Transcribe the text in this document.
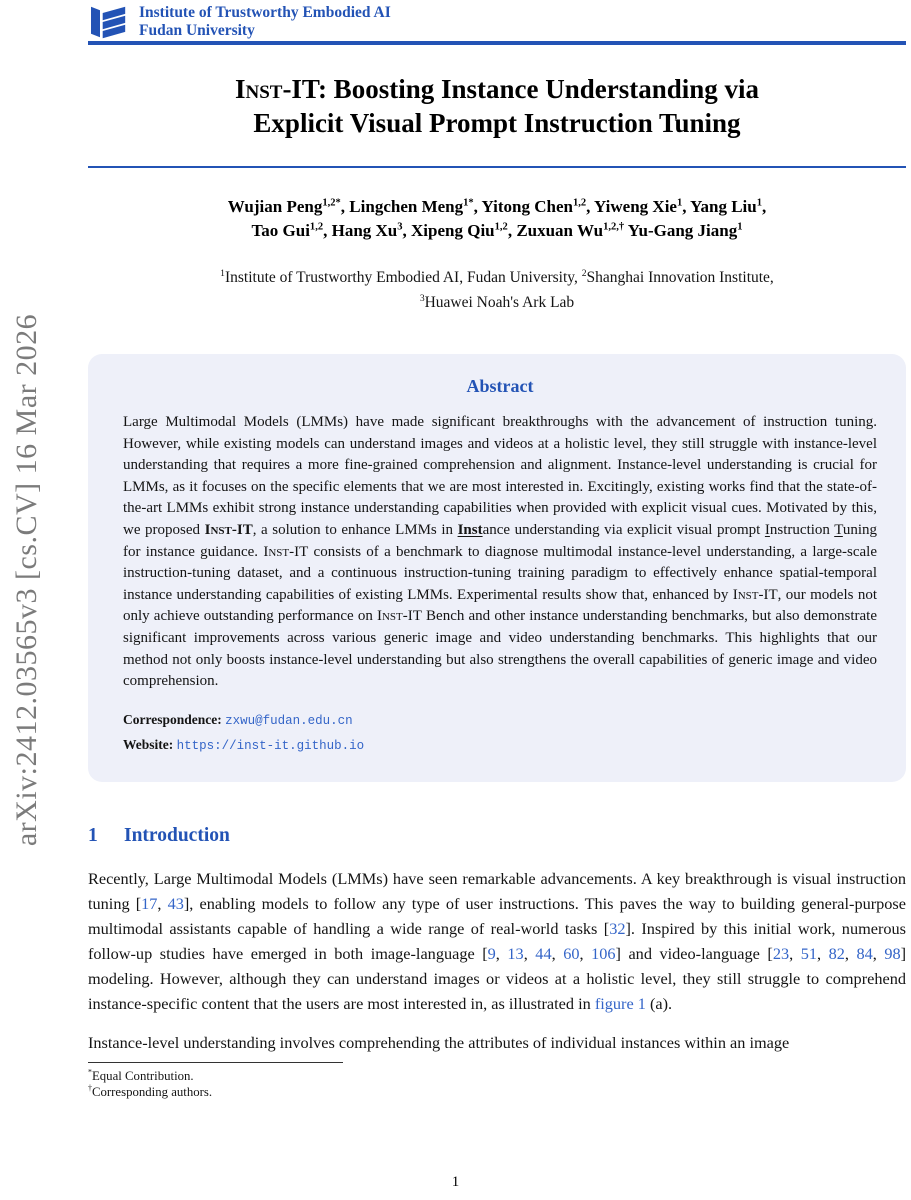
arXiv:2412.03565v3 [cs.CV] 16 Mar 2026
Institute of Trustworthy Embodied AI
Fudan University
Inst-IT: Boosting Instance Understanding via
Explicit Visual Prompt Instruction Tuning
Wujian Peng$^{1,2*}$, Lingchen Meng$^{1*}$, Yitong Chen$^{1,2}$, Yiweng Xie$^1$, Yang Liu$^1$,
Tao Gui$^{1,2}$, Hang Xu$^3$, Xipeng Qiu$^{1,2}$, Zuxuan $Wu^{1,2,\dagger}$ Yu-Gang Jiang$^1$
$^1$Institute of Trustworthy Embodied AI, Fudan University, $^2$Shanghai Innovation Institute,
$^3$Huawei Noah's Ark Lab
Abstract
Large Multimodal Models (LMMs) have made significant breakthroughs with the advancement of instruction tuning. However, while existing models can understand images and videos at a holistic level, they still struggle with instance-level understanding that requires a more fine-grained comprehension and alignment. Instance-level understanding is crucial for LMMs, as it focuses on the specific elements that we are most interested in. Excitingly, existing works find that the state-of-the-art LMMs exhibit strong instance understanding capabilities when provided with explicit visual cues. Motivated by this, we proposed Inst-IT, a solution to enhance LMMs in Instance understanding via explicit visual prompt Instruction Tuning for instance guidance. Inst-IT consists of a benchmark to diagnose multimodal instance-level understanding, a large-scale instruction-tuning dataset, and a continuous instruction-tuning training paradigm to effectively enhance spatial-temporal instance understanding capabilities of existing LMMs. Experimental results show that, enhanced by Inst-IT, our models not only achieve outstanding performance on Inst-IT Bench and other instance understanding benchmarks, but also demonstrate significant improvements across various generic image and video understanding benchmarks. This highlights that our method not only boosts instance-level understanding but also strengthens the overall capabilities of generic image and video comprehension.
Correspondence: zxwu@fudan.edu.cn
Website: https://inst-it.github.io
1 Introduction
Recently, Large Multimodal Models (LMMs) have seen remarkable advancements. A key breakthrough is visual instruction tuning [17, 43], enabling models to follow any type of user instructions. This paves the way to building general-purpose multimodal assistants capable of handling a wide range of real-world tasks [32]. Inspired by this initial work, numerous follow-up studies have emerged in both image-language [9, 13, 44, 60, 106] and video-language [23, 51, 82, 84, 98] modeling. However, although they can understand images or videos at a holistic level, they still struggle to comprehend instance-specific content that the users are most interested in, as illustrated in figure 1 (a).
Instance-level understanding involves comprehending the attributes of individual instances within an image
*Equal Contribution.
†Corresponding authors.
1
